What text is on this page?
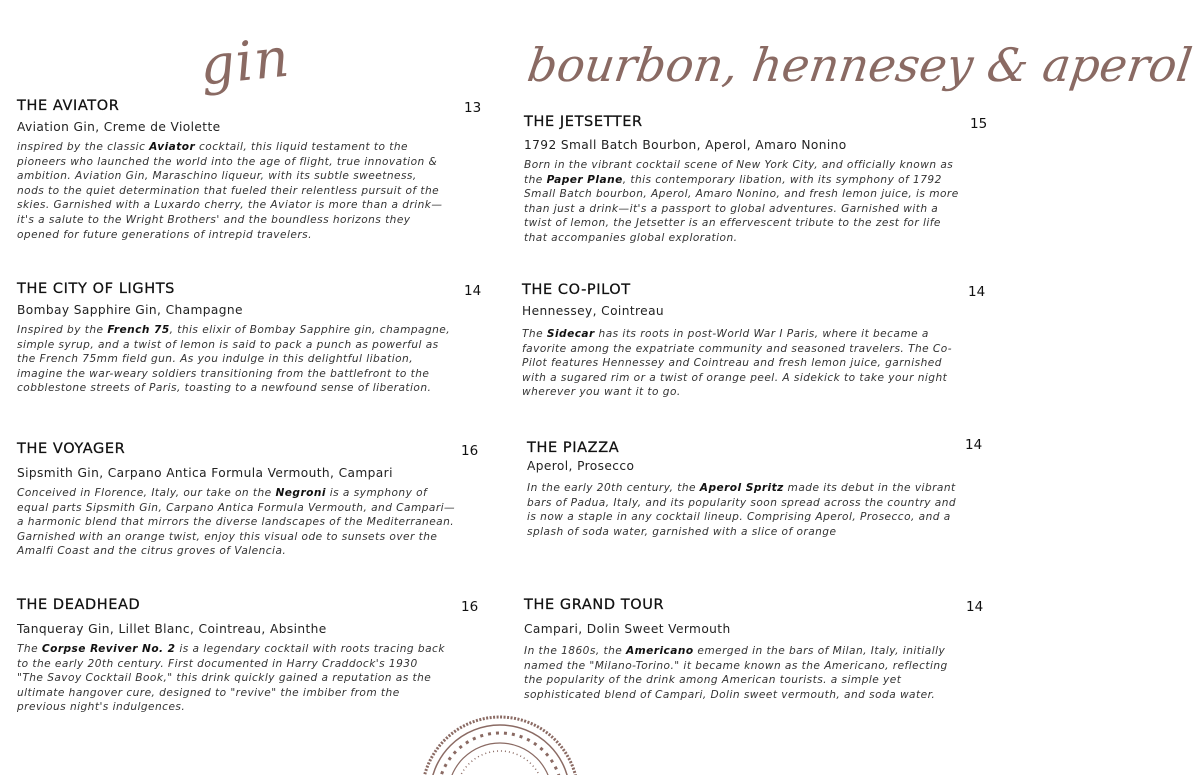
gin	bourbon, hennesey & aperol
THE AVIATOR
Aviation Gin, Creme de Violette
inspired by the classic Aviator cocktail, this liquid testament to the pioneers who launched the world into the age of flight, true innovation & ambition. Aviation Gin, Maraschino liqueur, with its subtle sweetness, nods to the quiet determination that fueled their relentless pursuit of the skies. Garnished with a Luxardo cherry, the Aviator is more than a drink—it's a salute to the Wright Brothers' and the boundless horizons they opened for future generations of intrepid travelers.
13
THE CITY OF LIGHTS
Bombay Sapphire Gin, Champagne
Inspired by the French 75, this elixir of Bombay Sapphire gin, champagne, simple syrup, and a twist of lemon is said to pack a punch as powerful as the French 75mm field gun. As you indulge in this delightful libation, imagine the war-weary soldiers transitioning from the battlefront to the cobblestone streets of Paris, toasting to a newfound sense of liberation.
14
THE VOYAGER
Sipsmith Gin, Carpano Antica Formula Vermouth, Campari
Conceived in Florence, Italy, our take on the Negroni is a symphony of equal parts Sipsmith Gin, Carpano Antica Formula Vermouth, and Campari—a harmonic blend that mirrors the diverse landscapes of the Mediterranean. Garnished with an orange twist, enjoy this visual ode to sunsets over the Amalfi Coast and the citrus groves of Valencia.
16
THE DEADHEAD
Tanqueray Gin, Lillet Blanc, Cointreau, Absinthe
The Corpse Reviver No. 2 is a legendary cocktail with roots tracing back to the early 20th century. First documented in Harry Craddock's 1930 "The Savoy Cocktail Book," this drink quickly gained a reputation as the ultimate hangover cure, designed to "revive" the imbiber from the previous night's indulgences.
16
THE JETSETTER
1792 Small Batch Bourbon, Aperol, Amaro Nonino
Born in the vibrant cocktail scene of New York City, and officially known as the Paper Plane, this contemporary libation, with its symphony of 1792 Small Batch bourbon, Aperol, Amaro Nonino, and fresh lemon juice, is more than just a drink—it's a passport to global adventures. Garnished with a twist of lemon, the Jetsetter is an effervescent tribute to the zest for life that accompanies global exploration.
15
THE CO-PILOT
Hennessey, Cointreau
The Sidecar has its roots in post-World War I Paris, where it became a favorite among the expatriate community and seasoned travelers. The Co-Pilot features Hennessey and Cointreau and fresh lemon juice, garnished with a sugared rim or a twist of orange peel. A sidekick to take your night wherever you want it to go.
14
THE PIAZZA
Aperol, Prosecco
In the early 20th century, the Aperol Spritz made its debut in the vibrant bars of Padua, Italy, and its popularity soon spread across the country and is now a staple in any cocktail lineup. Comprising Aperol, Prosecco, and a splash of soda water, garnished with a slice of orange
14
THE GRAND TOUR
Campari, Dolin Sweet Vermouth
In the 1860s, the Americano emerged in the bars of Milan, Italy, initially named the "Milano-Torino." it became known as the Americano, reflecting the popularity of the drink among American tourists. a simple yet sophisticated blend of Campari, Dolin sweet vermouth, and soda water.
14
